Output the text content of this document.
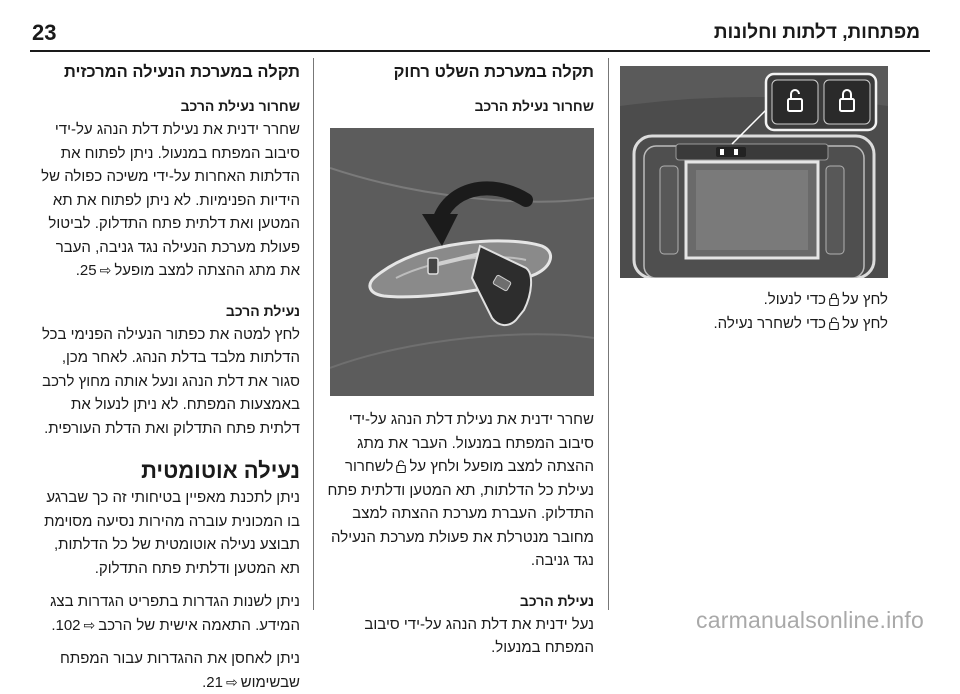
23	מפתחות, דלתות וחלונות

לחץ על
כדי לנעול.

לחץ על
כדי לשחרר נעילה.

תקלה במערכת השלט רחוק
שחרור נעילת הרכב

שחרר ידנית את נעילת דלת הנהג על-ידי סיבוב המפתח במנעול. העבר את מתג ההצתה למצב מופעל ולחץ על
לשחרור נעילת כל הדלתות, תא המטען ודלתית פתח התדלוק. העברת מערכת ההצתה למצב מחובר מנטרלת את פעולת מערכת הנעילה נגד גניבה.

נעילת הרכב

נעל ידנית את דלת הנהג על-ידי סיבוב המפתח במנעול.

תקלה במערכת הנעילה המרכזית
שחרור נעילת הרכב

שחרר ידנית את נעילת דלת הנהג על-ידי סיבוב המפתח במנעול. ניתן לפתוח את הדלתות האחרות על-ידי משיכה כפולה של הידיות הפנימיות. לא ניתן לפתוח את תא המטען ואת דלתית פתח התדלוק. לביטול פעולת מערכת הנעילה נגד גניבה, העבר את מתג ההצתה למצב מופעל⇨25.

נעילת הרכב

לחץ למטה את כפתור הנעילה הפנימי בכל הדלתות מלבד בדלת הנהג. לאחר מכן, סגור את דלת הנהג ונעל אותה מחוץ לרכב באמצעות המפתח. לא ניתן לנעול את דלתית פתח התדלוק ואת הדלת העורפית.

נעילה אוטומטית

ניתן לתכנת מאפיין בטיחותי זה כך שברגע בו המכונית עוברה מהירות נסיעה מסוימת תבוצע נעילה אוטומטית של כל הדלתות, תא המטען ודלתית פתח התדלוק.

ניתן לשנות הגדרות בתפריט הגדרות בצג המידע. התאמה אישית של הרכב⇨102.

ניתן לאחסן את ההגדרות עבור המפתח שבשימוש⇨21.

carmanualsonline.info
